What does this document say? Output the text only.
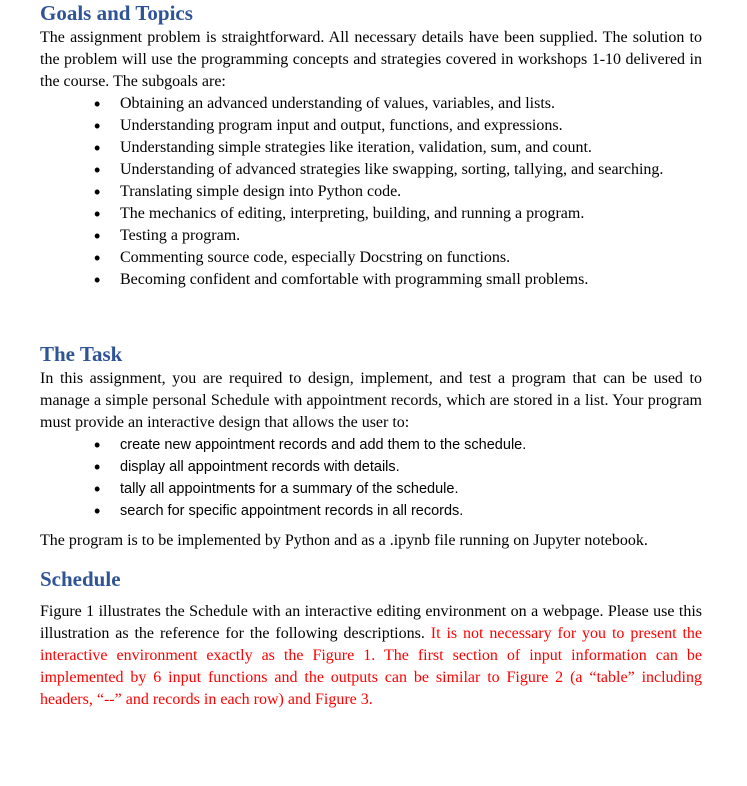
Goals and Topics

The assignment problem is straightforward. All necessary details have been supplied. The solution to the problem will use the programming concepts and strategies covered in workshops 1-10 delivered in the course. The subgoals are:

• Obtaining an advanced understanding of values, variables, and lists.
• Understanding program input and output, functions, and expressions.
• Understanding simple strategies like iteration, validation, sum, and count.
• Understanding of advanced strategies like swapping, sorting, tallying, and searching.
• Translating simple design into Python code.
• The mechanics of editing, interpreting, building, and running a program.
• Testing a program.
• Commenting source code, especially Docstring on functions.
• Becoming confident and comfortable with programming small problems.
The Task

In this assignment, you are required to design, implement, and test a program that can be used to manage a simple personal Schedule with appointment records, which are stored in a list. Your program must provide an interactive design that allows the user to:

• create new appointment records and add them to the schedule.
• display all appointment records with details.
• tally all appointments for a summary of the schedule.
• search for specific appointment records in all records.

The program is to be implemented by Python and as a .ipynb file running on Jupyter notebook.

Schedule

Figure 1 illustrates the Schedule with an interactive editing environment on a webpage. Please use this illustration as the reference for the following descriptions. It is not necessary for you to present the interactive environment exactly as the Figure 1. The first section of input information can be implemented by 6 input functions and the outputs can be similar to Figure 2 (a “table” including headers, “--” and records in each row) and Figure 3.
